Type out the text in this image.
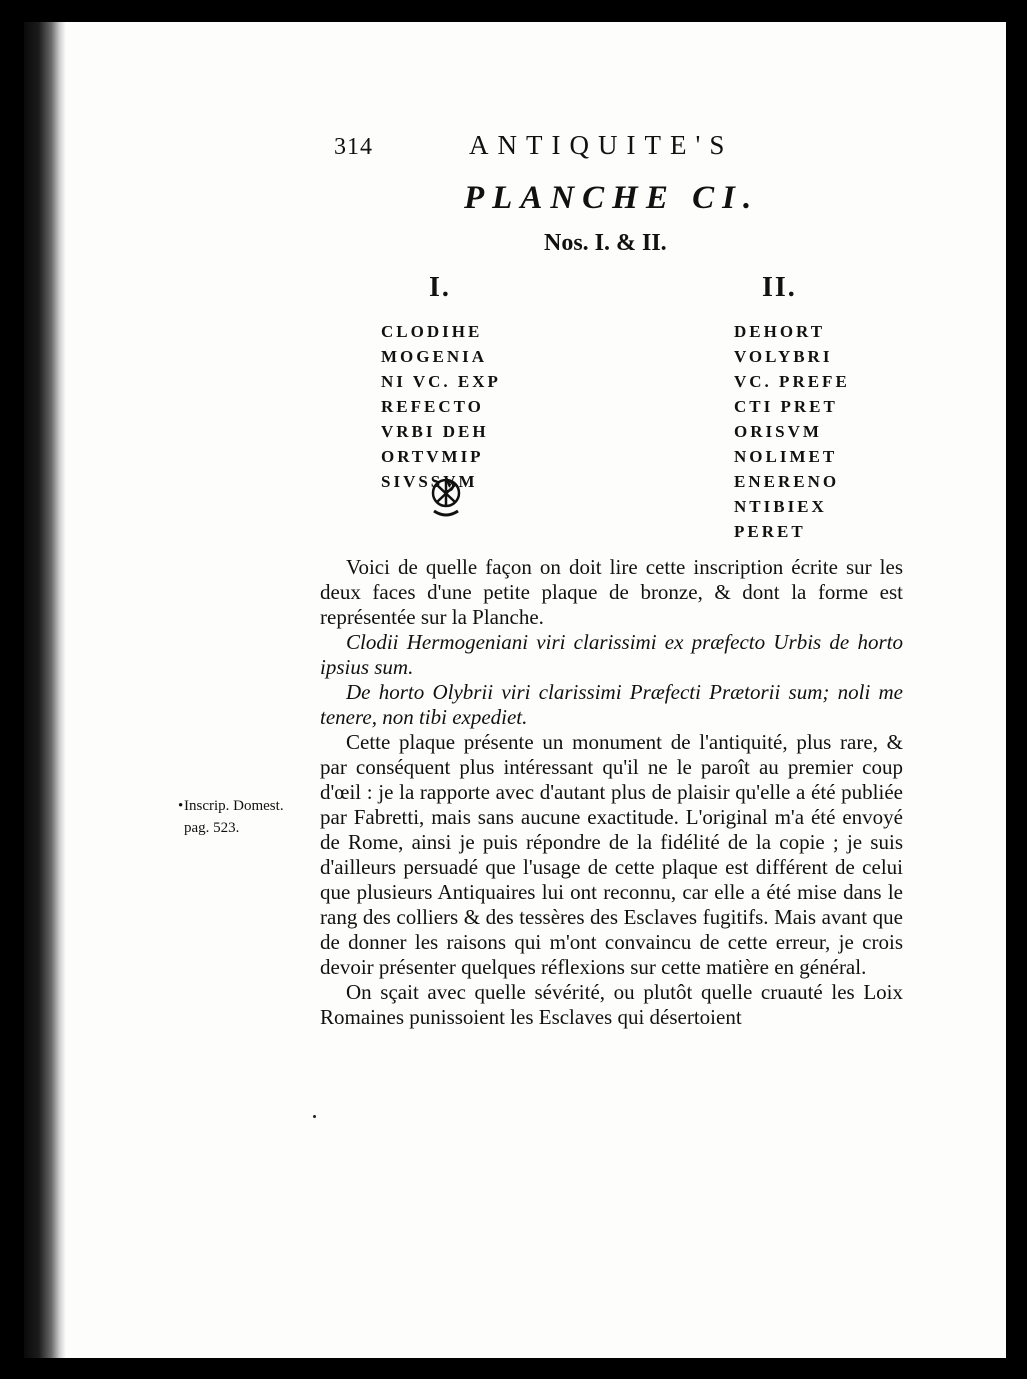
314	ANTIQUITE'S
PLANCHE CI.
Nos. I. & II.
I.	II.
CLODIHE
MOGENIA
NI VC. EXP
REFECTO
VRBI DEH
ORTVMIP
SIVSSVM
DEHORT
VOLYBRI
VC. PREFE
CTI PRET
ORISVM
NOLIMET
ENERENO
NTIBIEX
PERET

Voici de quelle façon on doit lire cette inscription écrite sur les deux faces d'une petite plaque de bronze, & dont la forme est représentée sur la Planche.

Clodii Hermogeniani viri clarissimi ex præfecto Urbis de horto ipsius sum.

De horto Olybrii viri clarissimi Præfecti Prætorii sum; noli me tenere, non tibi expediet.

Cette plaque présente un monument de l'antiquité, plus rare, & par conséquent plus intéressant qu'il ne le paroît au premier coup d'œil : je la rapporte avec d'autant plus de plaisir qu'elle a été publiée par Fabretti, mais sans aucune exactitude. L'original m'a été envoyé de Rome, ainsi je puis répondre de la fidélité de la copie ; je suis d'ailleurs persuadé que l'usage de cette plaque est différent de celui que plusieurs Antiquaires lui ont reconnu, car elle a été mise dans le rang des colliers & des tessères des Esclaves fugitifs. Mais avant que de donner les raisons qui m'ont convaincu de cette erreur, je crois devoir présenter quelques réflexions sur cette matière en général.

On sçait avec quelle sévérité, ou plutôt quelle cruauté les Loix Romaines punissoient les Esclaves qui désertoient

• Inscrip. Domest.
pag. 523.
